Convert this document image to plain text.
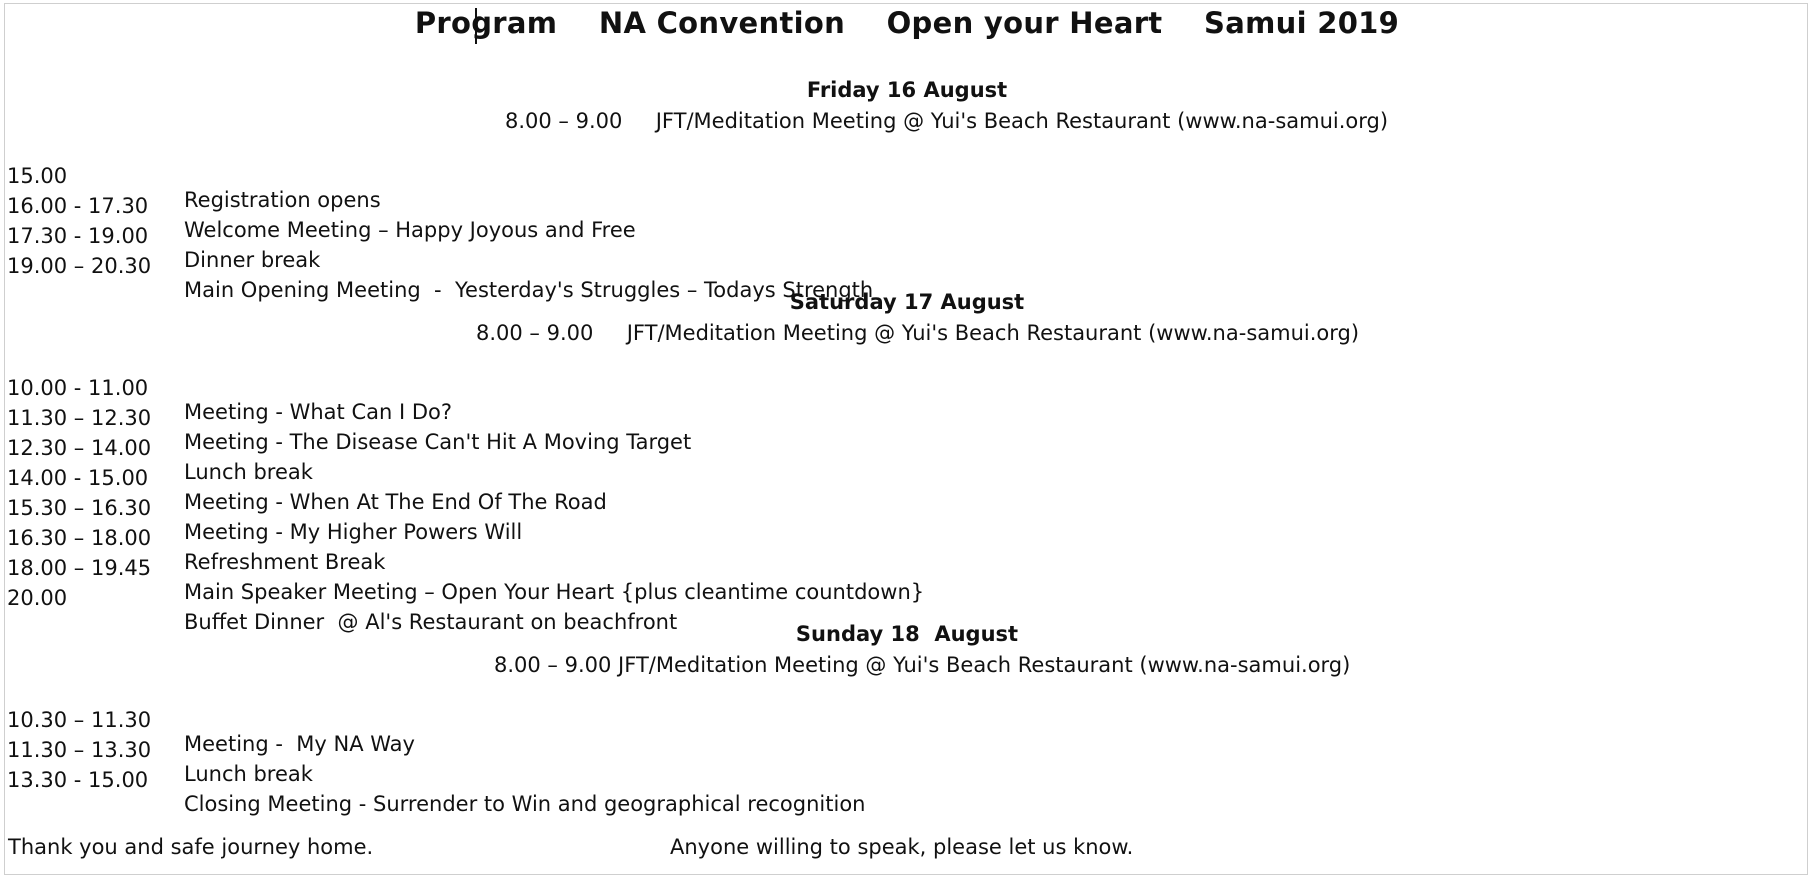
Program    NA Convention    Open your Heart    Samui 2019
Friday 16 August
8.00 – 9.00     JFT/Meditation Meeting @ Yui's Beach Restaurant (www.na-samui.org)

15.00

Registration opens

16.00 - 17.30

Welcome Meeting – Happy Joyous and Free

17.30 - 19.00

Dinner break

19.00 – 20.30

Main Opening Meeting  -  Yesterday's Struggles – Todays Strength

Saturday 17 August
8.00 – 9.00     JFT/Meditation Meeting @ Yui's Beach Restaurant (www.na-samui.org)

10.00 - 11.00

Meeting - What Can I Do?

11.30 – 12.30

Meeting - The Disease Can't Hit A Moving Target

12.30 – 14.00

Lunch break

14.00 - 15.00

Meeting - When At The End Of The Road

15.30 – 16.30

Meeting - My Higher Powers Will

16.30 – 18.00

Refreshment Break

18.00 – 19.45

Main Speaker Meeting – Open Your Heart {plus cleantime countdown}

20.00

Buffet Dinner  @ Al's Restaurant on beachfront	Sunday 18  August
8.00 – 9.00 JFT/Meditation Meeting @ Yui's Beach Restaurant (www.na-samui.org)

10.30 – 11.30

Meeting -  My NA Way

11.30 – 13.30

Lunch break

13.30 - 15.00

Closing Meeting - Surrender to Win and geographical recognition

Thank you and safe journey home.	Anyone willing to speak, please let us know.
